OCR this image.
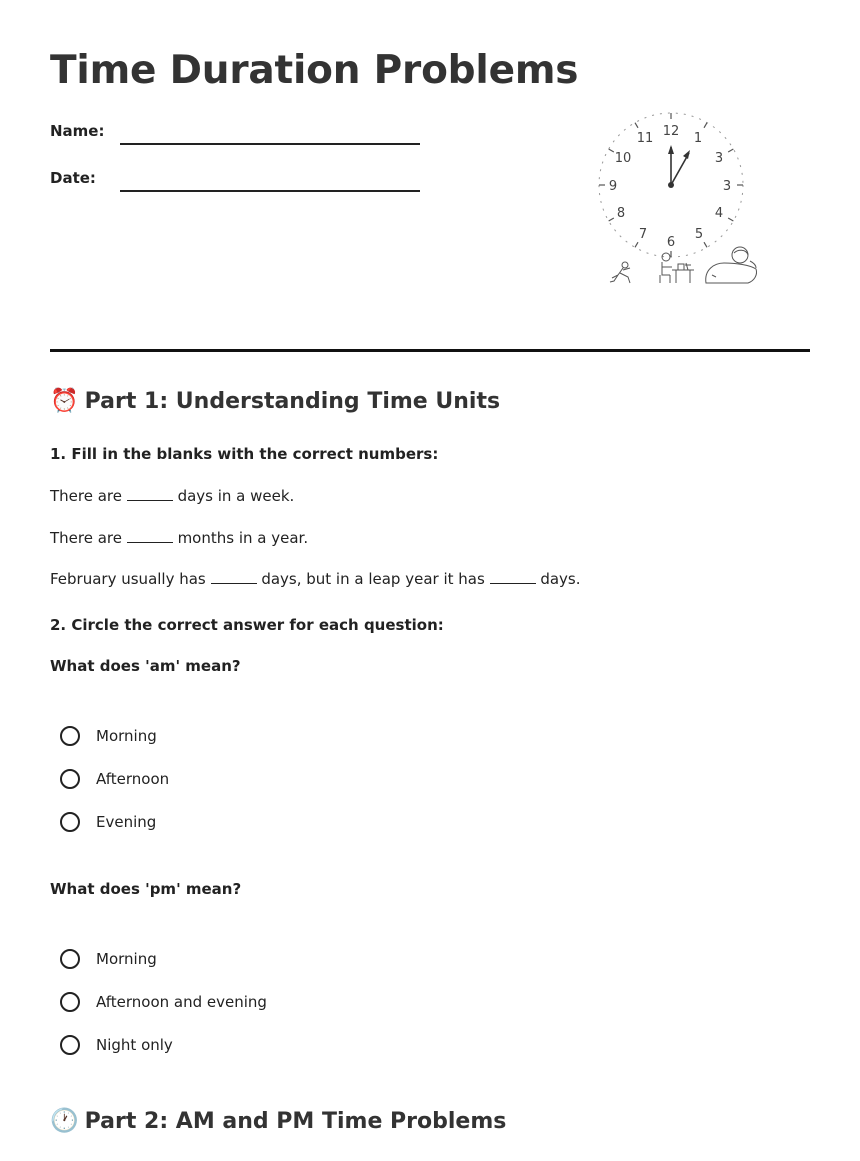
Time Duration Problems
Name:
Date:
12 1
3
3
4
5
6
7
8
9
10
11
⏰ Part 1: Understanding Time Units
1. Fill in the blanks with the correct numbers:
There are	days in a week.
There are	months in a year.
February usually has	days, but in a leap year it has	days.
2. Circle the correct answer for each question:
What does 'am' mean?
Morning
Afternoon
Evening
What does 'pm' mean?
Morning
Afternoon and evening
Night only
🕐 Part 2: AM and PM Time Problems
